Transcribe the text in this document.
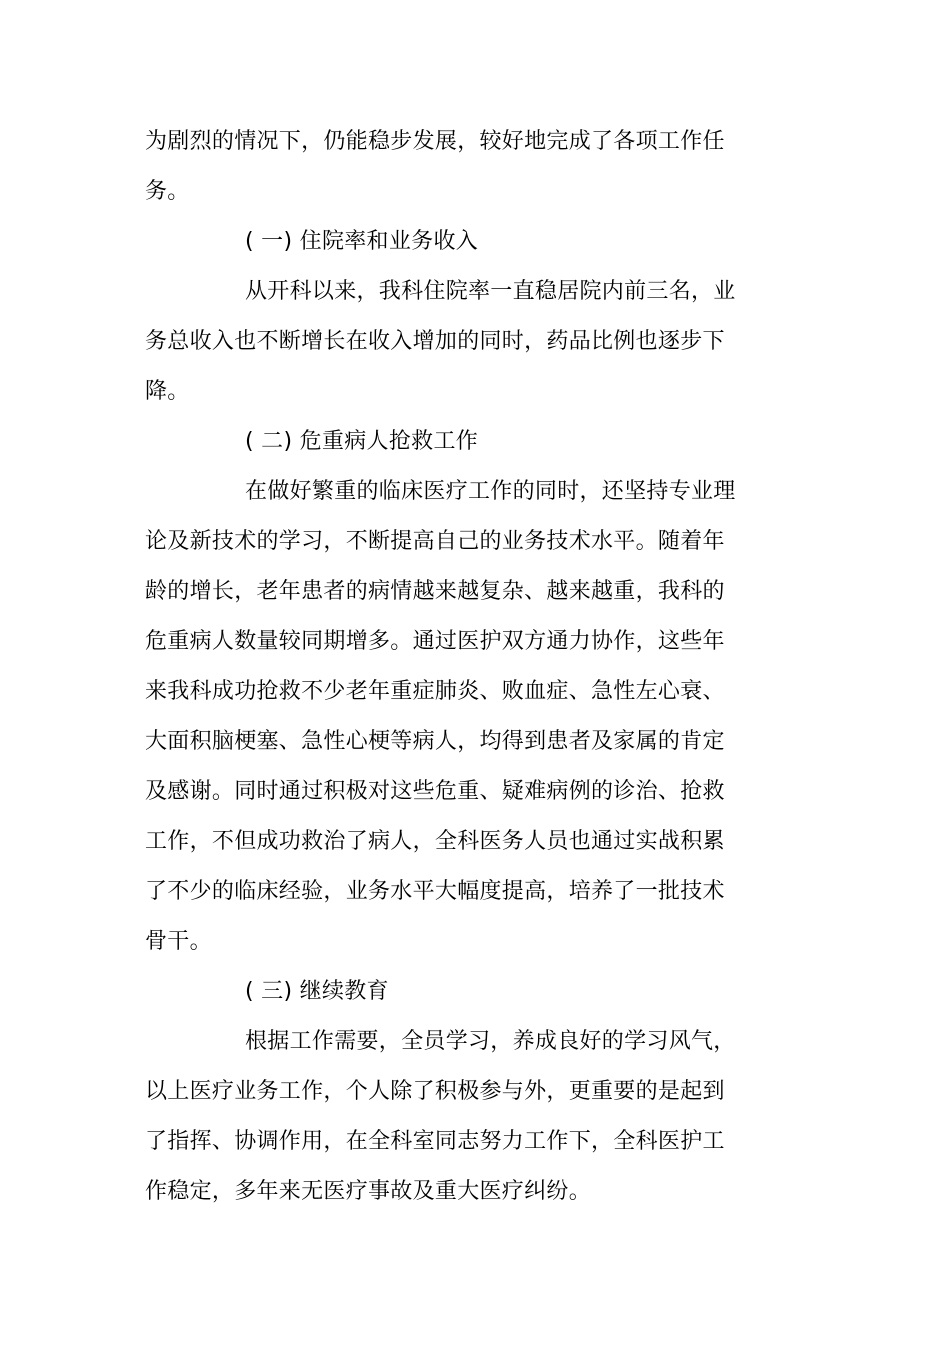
为剧烈的情况下，仍能稳步发展，较好地完成了各项工作任
务。
( 一) 住院率和业务收入
从开科以来，我科住院率一直稳居院内前三名，业
务总收入也不断增长在收入增加的同时，药品比例也逐步下
降。
( 二) 危重病人抢救工作
在做好繁重的临床医疗工作的同时，还坚持专业理
论及新技术的学习，不断提高自己的业务技术水平。随着年
龄的增长，老年患者的病情越来越复杂、越来越重，我科的
危重病人数量较同期增多。通过医护双方通力协作，这些年
来我科成功抢救不少老年重症肺炎、败血症、急性左心衰、
大面积脑梗塞、急性心梗等病人，均得到患者及家属的肯定
及感谢。同时通过积极对这些危重、疑难病例的诊治、抢救
工作，不但成功救治了病人，全科医务人员也通过实战积累
了不少的临床经验，业务水平大幅度提高，培养了一批技术
骨干。
( 三) 继续教育
根据工作需要，全员学习，养成良好的学习风气，
以上医疗业务工作，个人除了积极参与外，更重要的是起到
了指挥、协调作用，在全科室同志努力工作下，全科医护工
作稳定，多年来无医疗事故及重大医疗纠纷。
